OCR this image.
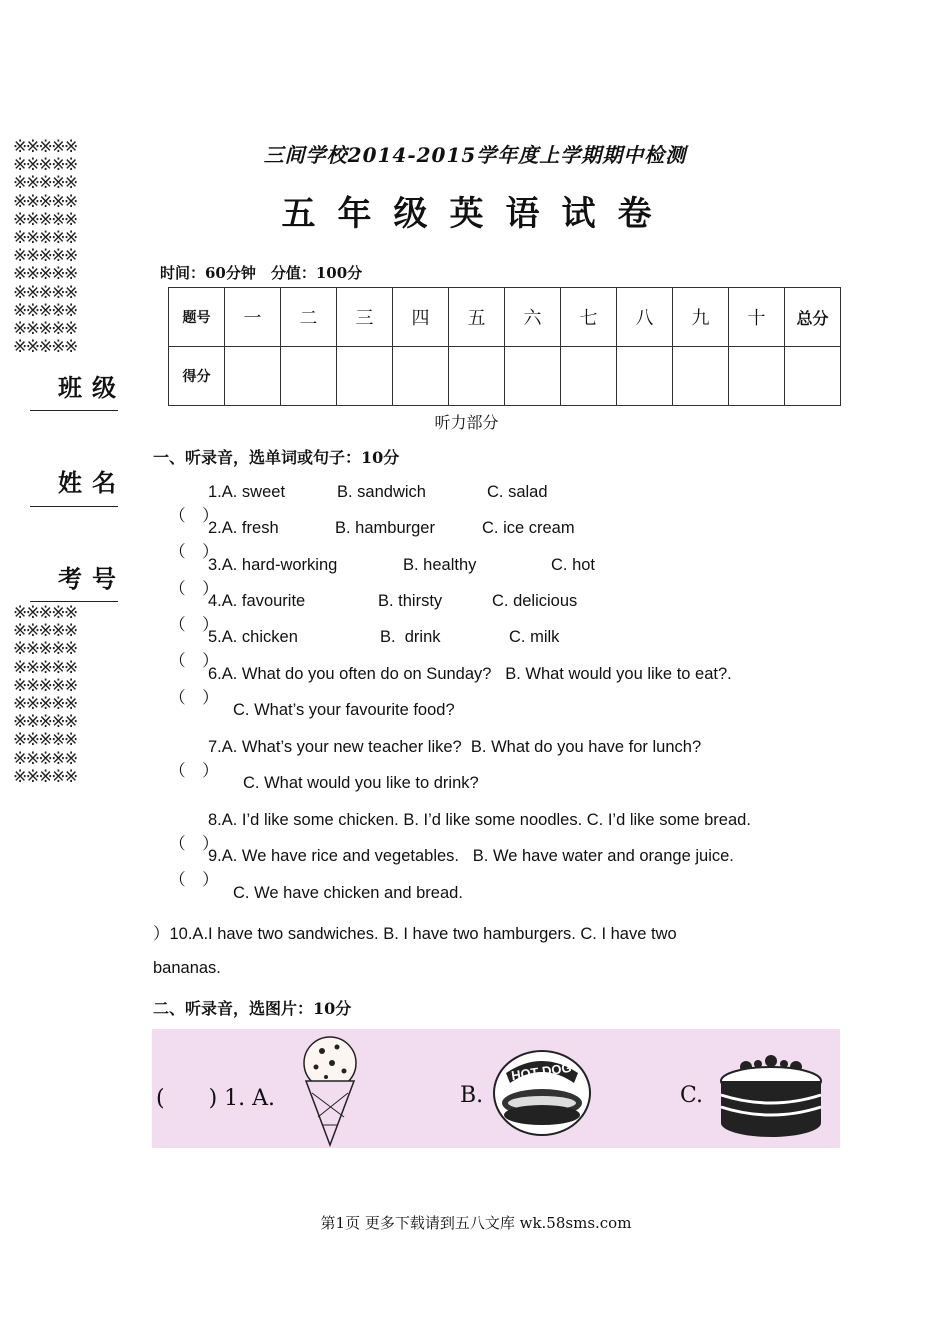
※※※※※
※※※※※
※※※※※
※※※※※
※※※※※
※※※※※
※※※※※
※※※※※
※※※※※
※※※※※
※※※※※
※※※※※
班级
姓名
考号
※※※※※
※※※※※
※※※※※
※※※※※
※※※※※
※※※※※
※※※※※
※※※※※
※※※※※
※※※※※
三间学校2014-2015学年度上学期期中检测
五年级英语试卷
时间：60分钟　分值：100分
题号	一	二	三	四	五	六	七	八	九	十	总分
得分											
听力部分
一、听录音，选单词或句子：10分

（　）

1.A. sweet

	B. sandwich

	C. salad

（　）

2.A. fresh

	B. hamburger

	C. ice cream

（　）

3.A. hard-working

	B. healthy

	C. hot

（　）

4.A. favourite

	B. thirsty

	C. delicious

（　）

5.A. chicken

	B.  drink

	C. milk

（　）

6.A. What do you often do on Sunday?   B. What would you like to eat?.

C. What’s your favourite food?

（　）

7.A. What’s your new teacher like?  B. What do you have for lunch?

C. What would you like to drink?

（　）

8.A. I’d like some chicken. B. I’d like some noodles. C. I’d like some bread.

（　）

9.A. We have rice and vegetables.   B. We have water and orange juice.

C. We have chicken and bread.
）10.A.I have two sandwiches. B. I have two hamburgers. C. I have two
bananas.
二、听录音，选图片：10分
(　　) 1. A.	B.
HOT DOG
C.
第1页 更多下载请到五八文库 wk.58sms.com
